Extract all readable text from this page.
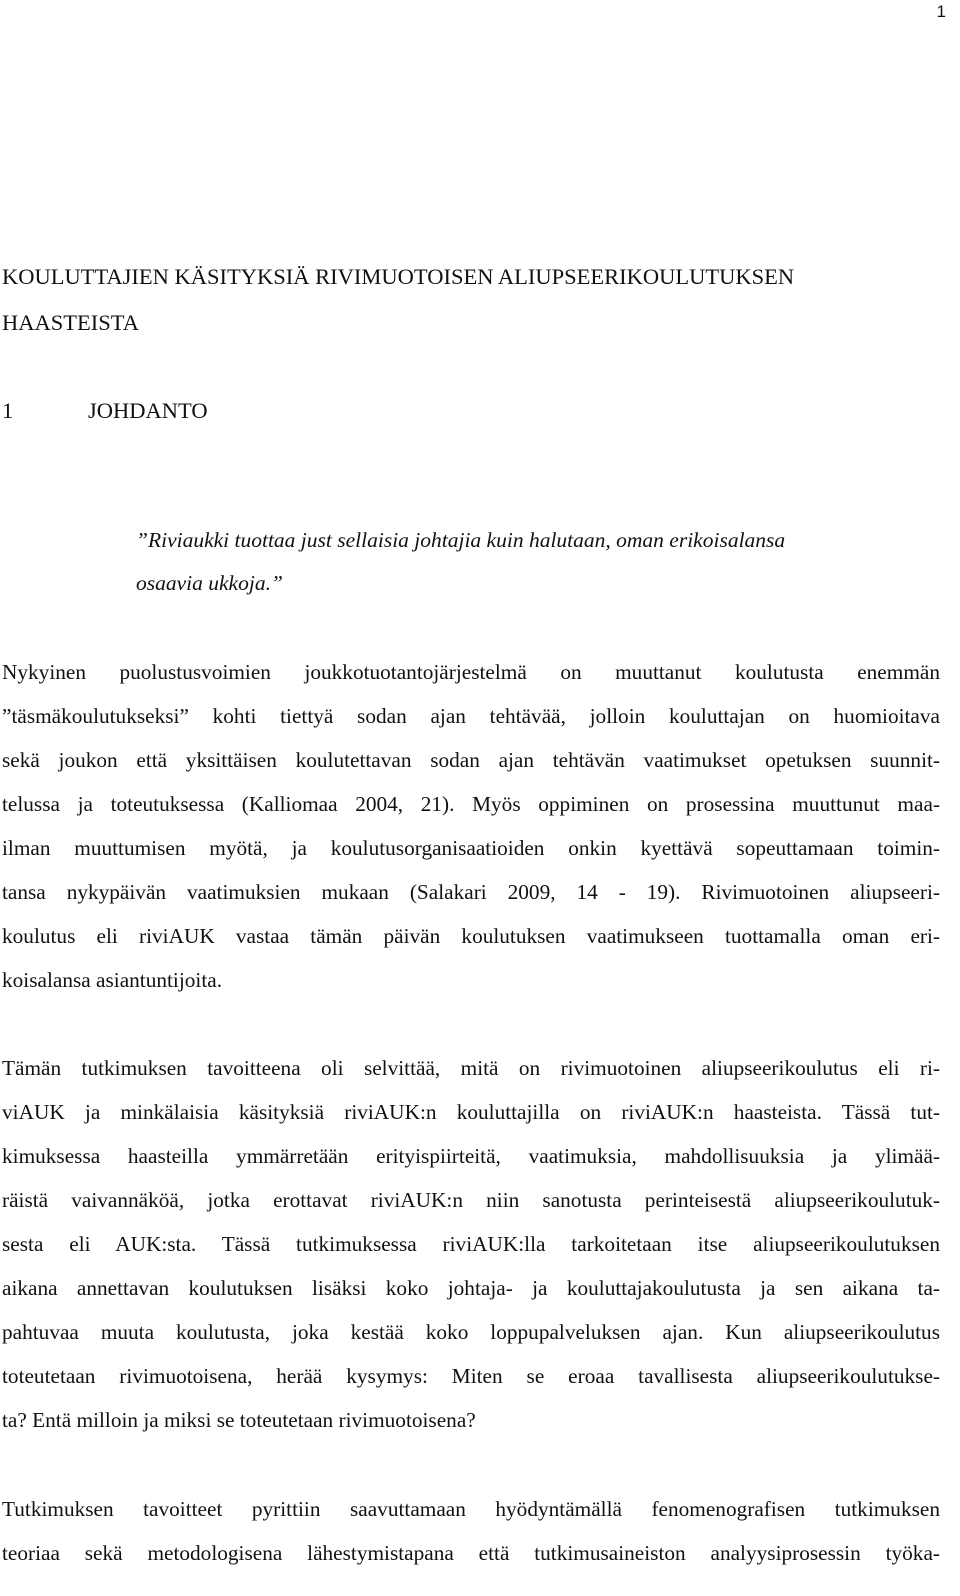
1
KOULUTTAJIEN KÄSITYKSIÄ RIVIMUOTOISEN ALIUPSEERIKOULUTUKSEN
HAASTEISTA
1	JOHDANTO
”Riviaukki tuottaa just sellaisia johtajia kuin halutaan, oman erikoisalansa
osaavia ukkoja.”
Nykyinen puolustusvoimien joukkotuotantojärjestelmä on muuttanut koulutusta enemmän
”täsmäkoulutukseksi” kohti tiettyä sodan ajan tehtävää, jolloin kouluttajan on huomioitava
sekä joukon että yksittäisen koulutettavan sodan ajan tehtävän vaatimukset opetuksen suunnit-
telussa ja toteutuksessa (Kalliomaa 2004, 21). Myös oppiminen on prosessina muuttunut maa-
ilman muuttumisen myötä, ja koulutusorganisaatioiden onkin kyettävä sopeuttamaan toimin-
tansa nykypäivän vaatimuksien mukaan (Salakari 2009, 14 - 19). Rivimuotoinen aliupseeri-
koulutus eli riviAUK vastaa tämän päivän koulutuksen vaatimukseen tuottamalla oman eri-
koisalansa asiantuntijoita.
Tämän tutkimuksen tavoitteena oli selvittää, mitä on rivimuotoinen aliupseerikoulutus eli ri-
viAUK ja minkälaisia käsityksiä riviAUK:n kouluttajilla on riviAUK:n haasteista. Tässä tut-
kimuksessa haasteilla ymmärretään erityispiirteitä, vaatimuksia, mahdollisuuksia ja ylimää-
räistä vaivannäköä, jotka erottavat riviAUK:n niin sanotusta perinteisestä aliupseerikoulutuk-
sesta eli AUK:sta. Tässä tutkimuksessa riviAUK:lla tarkoitetaan itse aliupseerikoulutuksen
aikana annettavan koulutuksen lisäksi koko johtaja- ja kouluttajakoulutusta ja sen aikana ta-
pahtuvaa muuta koulutusta, joka kestää koko loppupalveluksen ajan. Kun aliupseerikoulutus
toteutetaan rivimuotoisena, herää kysymys: Miten se eroaa tavallisesta aliupseerikoulutukse-
ta? Entä milloin ja miksi se toteutetaan rivimuotoisena?
Tutkimuksen tavoitteet pyrittiin saavuttamaan hyödyntämällä fenomenografisen tutkimuksen
teoriaa sekä metodologisena lähestymistapana että tutkimusaineiston analyysiprosessin työka-
